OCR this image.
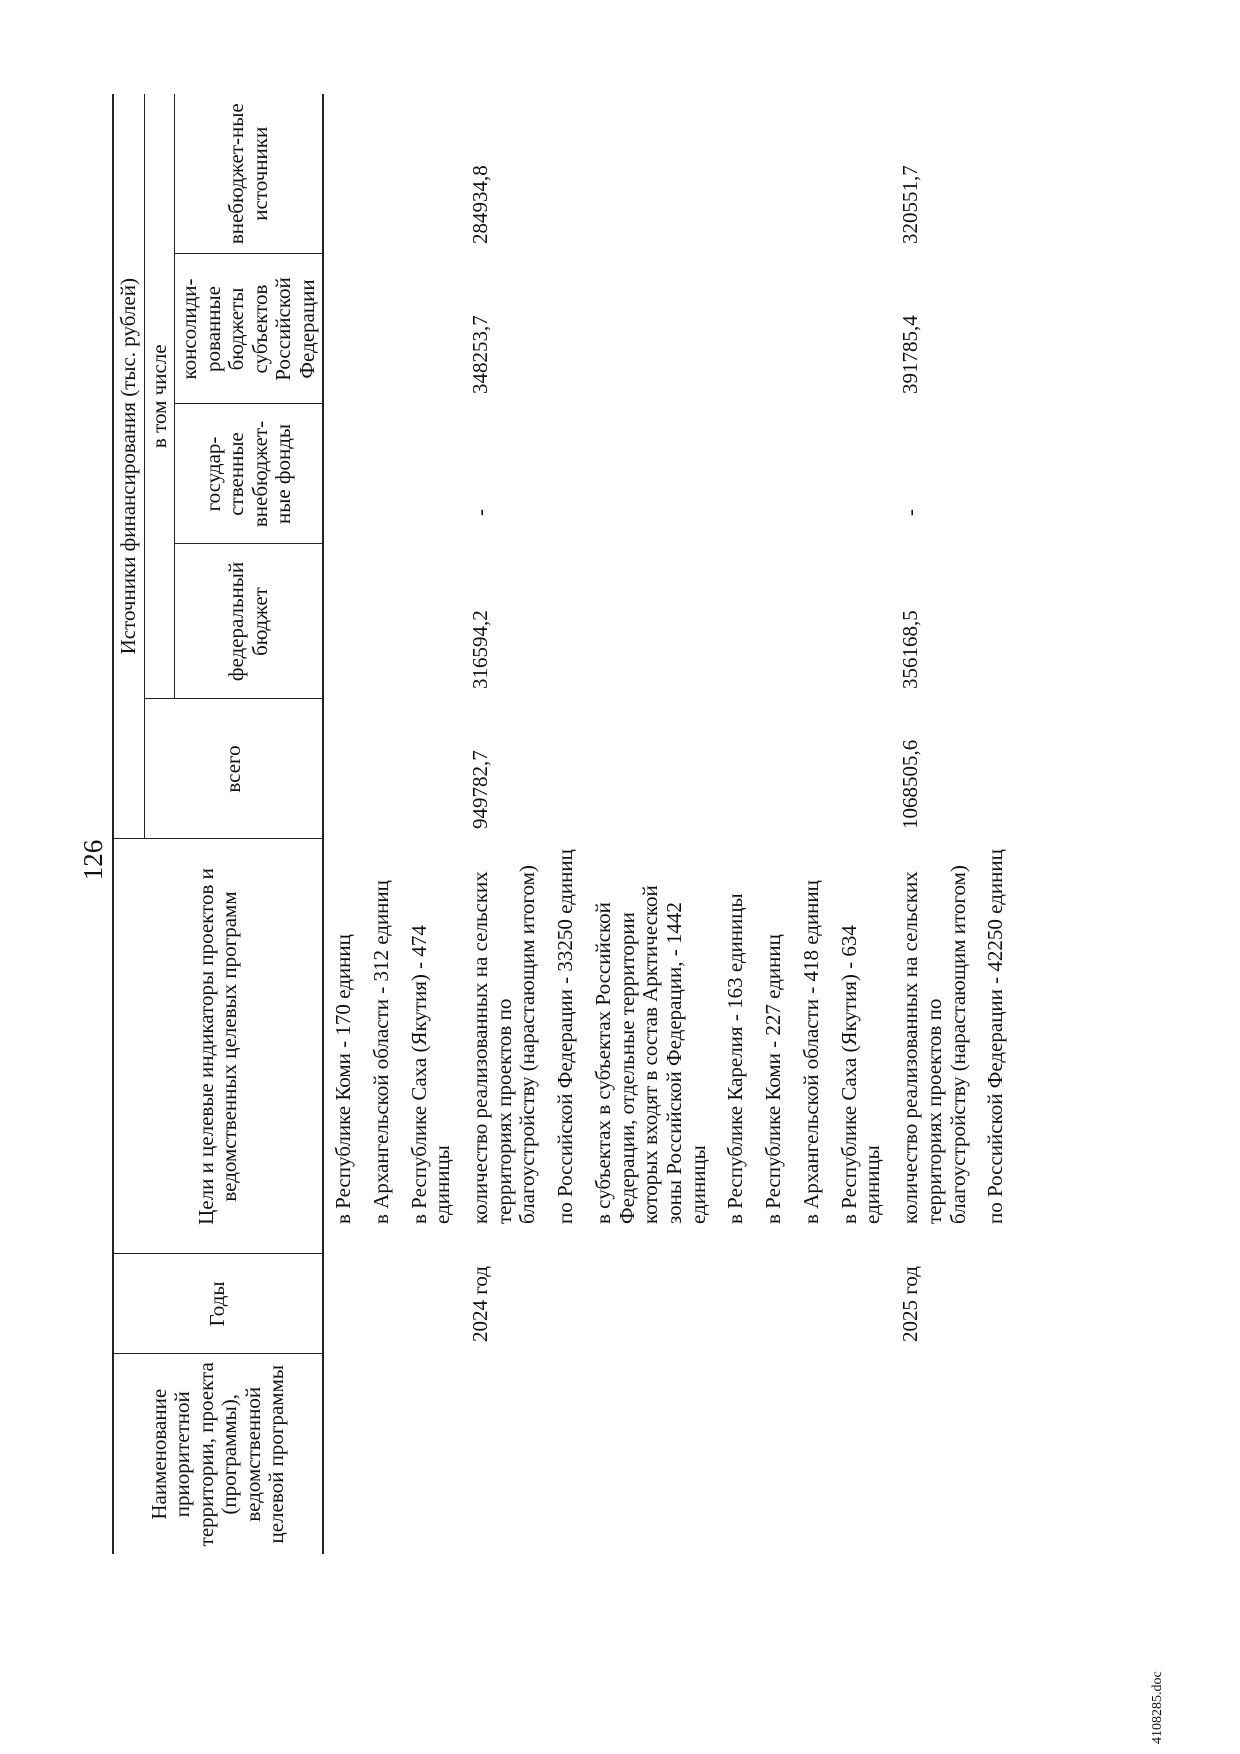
126
Наименование приоритетной территории, проекта (программы), ведомственной целевой программы	Годы	Цели и целевые индикаторы проектов и ведомственных целевых программ	Источники финансирования (тыс. рублей)				
			всего	в том числе			
				федеральный бюджет	государ-ственные внебюджет-ные фонды	консолиди-рованные бюджеты субъектов Российской Федерации	внебюджет-ные источники
		в Республике Коми - 170 единиц					
		в Архангельской области - 312 единиц					
		в Республике Саха (Якутия) - 474 единицы					
	2024 год	количество реализованных на сельских территориях проектов по благоустройству (нарастающим итогом)	949782,7	316594,2	-	348253,7	284934,8
		по Российской Федерации - 33250 единиц					
		в субъектах в субъектах Российской Федерации, отдельные территории которых входят в состав Арктической зоны Российской Федерации, - 1442 единицы					
		в Республике Карелия - 163 единицы					
		в Республике Коми - 227 единиц					
		в Архангельской области - 418 единиц					
		в Республике Саха (Якутия) - 634 единицы					
	2025 год	количество реализованных на сельских территориях проектов по благоустройству (нарастающим итогом)	1068505,6	356168,5	-	391785,4	320551,7
		по Российской Федерации - 42250 единиц					
4108285.doc
